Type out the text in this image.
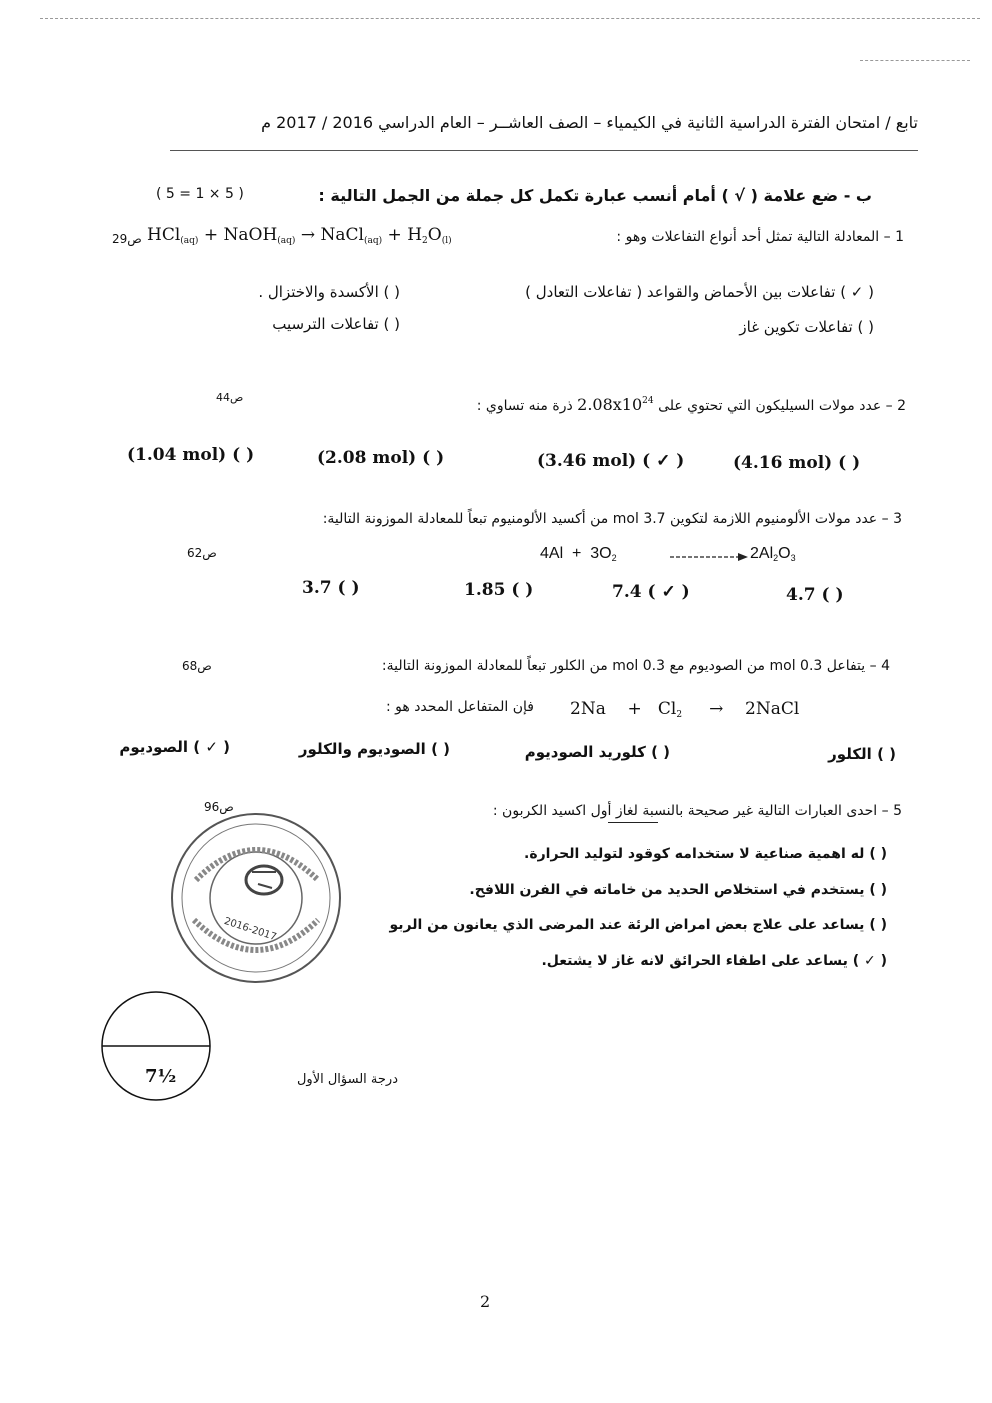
تابع / امتحان الفترة الدراسية الثانية في الكيمياء – الصف العاشــر – العام الدراسي 2016 / 2017 م
ب - ضع علامة ( √ ) أمام أنسب عبارة تكمل كل جملة من الجمل التالية :
( 5 = 1 × 5 )
1 – المعادلة التالية تمثل أحد أنواع التفاعلات وهو :
HCl$_{(aq)}$ + NaOH$_{(aq)}$ → NaCl$_{(aq)}$ + $H_2O_{(l)}$
ص29
( ✓ ) تفاعلات بين الأحماض والقواعد ( تفاعلات التعادل )
( ) الأكسدة والاختزال .
( ) تفاعلات تكوين غاز
( ) تفاعلات الترسيب
2 – عدد مولات السيليكون التي تحتوي على $2.08x10^{24}$ ذرة منه تساوي :
ص44
(3.46 mol) ( ✓ )	(4.16 mol) ( )
(2.08 mol) ( )
(1.04 mol) ( )
3 – عدد مولات الألومنيوم اللازمة لتكوين 3.7 mol من أكسيد الألومنيوم تبعاً للمعادلة الموزونة التالية:
ص62	$4Al + 3O_2$	$2Al_2O_3$
4.7 ( )
7.4 ( ✓ )
1.85 ( )
3.7 ( )
4 – يتفاعل 0.3 mol من الصوديوم مع 0.3 mol من الكلور تبعاً للمعادلة الموزونة التالية:
ص68
فإن المتفاعل المحدد هو : $2Na + Cl_2$ → 2NaCl
( ✓ ) الصوديوم	( ) الصوديوم والكلور	( ) كلوريد الصوديوم	( ) الكلور
5 – احدى العبارات التالية غير صحيحة بالنسبة لغاز أول اكسيد الكربون :
ص96
( ) له اهمية صناعية لا ستخدامه كوقود لتوليد الحرارة.
( ) يستخدم في استخلاص الحديد من خاماته في الفرن اللافح.
( ) يساعد على علاج بعض امراض الرئة عند المرضى الذي يعانون من الربو
( ✓ ) يساعد على اطفاء الحرائق لانه غاز لا يشتعل.
2016-2017
7½	درجة السؤال الأول
2
